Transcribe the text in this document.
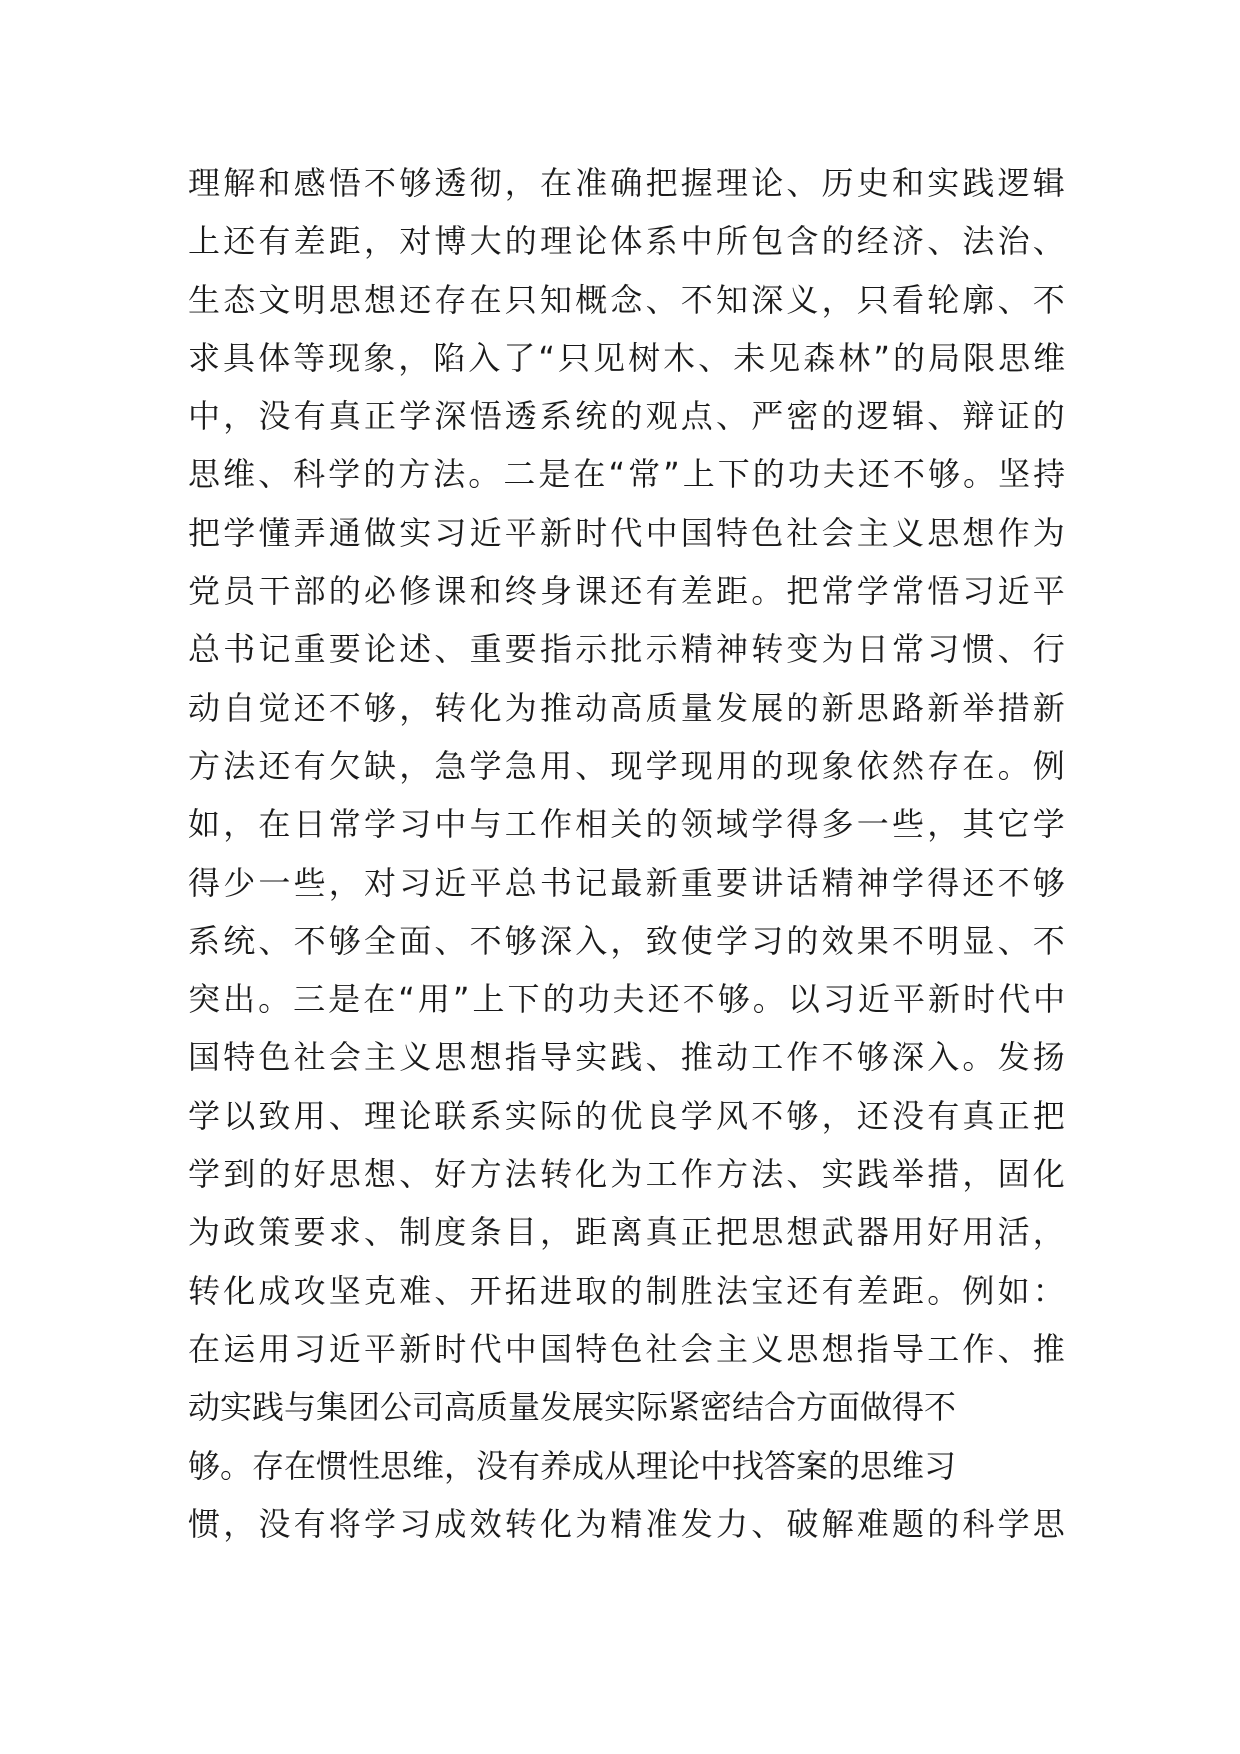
理解和感悟不够透彻，在准确把握理论、历史和实践逻辑
上还有差距，对博大的理论体系中所包含的经济、法治、
生态文明思想还存在只知概念、不知深义，只看轮廓、不
求具体等现象，陷入了“只见树木、未见森林”的局限思维
中，没有真正学深悟透系统的观点、严密的逻辑、辩证的
思维、科学的方法。二是在“常”上下的功夫还不够。坚持
把学懂弄通做实习近平新时代中国特色社会主义思想作为
党员干部的必修课和终身课还有差距。把常学常悟习近平
总书记重要论述、重要指示批示精神转变为日常习惯、行
动自觉还不够，转化为推动高质量发展的新思路新举措新
方法还有欠缺，急学急用、现学现用的现象依然存在。例
如，在日常学习中与工作相关的领域学得多一些，其它学
得少一些，对习近平总书记最新重要讲话精神学得还不够
系统、不够全面、不够深入，致使学习的效果不明显、不
突出。三是在“用”上下的功夫还不够。以习近平新时代中
国特色社会主义思想指导实践、推动工作不够深入。发扬
学以致用、理论联系实际的优良学风不够，还没有真正把
学到的好思想、好方法转化为工作方法、实践举措，固化
为政策要求、制度条目，距离真正把思想武器用好用活，
转化成攻坚克难、开拓进取的制胜法宝还有差距。例如：
在运用习近平新时代中国特色社会主义思想指导工作、推
动实践与集团公司高质量发展实际紧密结合方面做得不
够。存在惯性思维，没有养成从理论中找答案的思维习
惯，没有将学习成效转化为精准发力、破解难题的科学思
